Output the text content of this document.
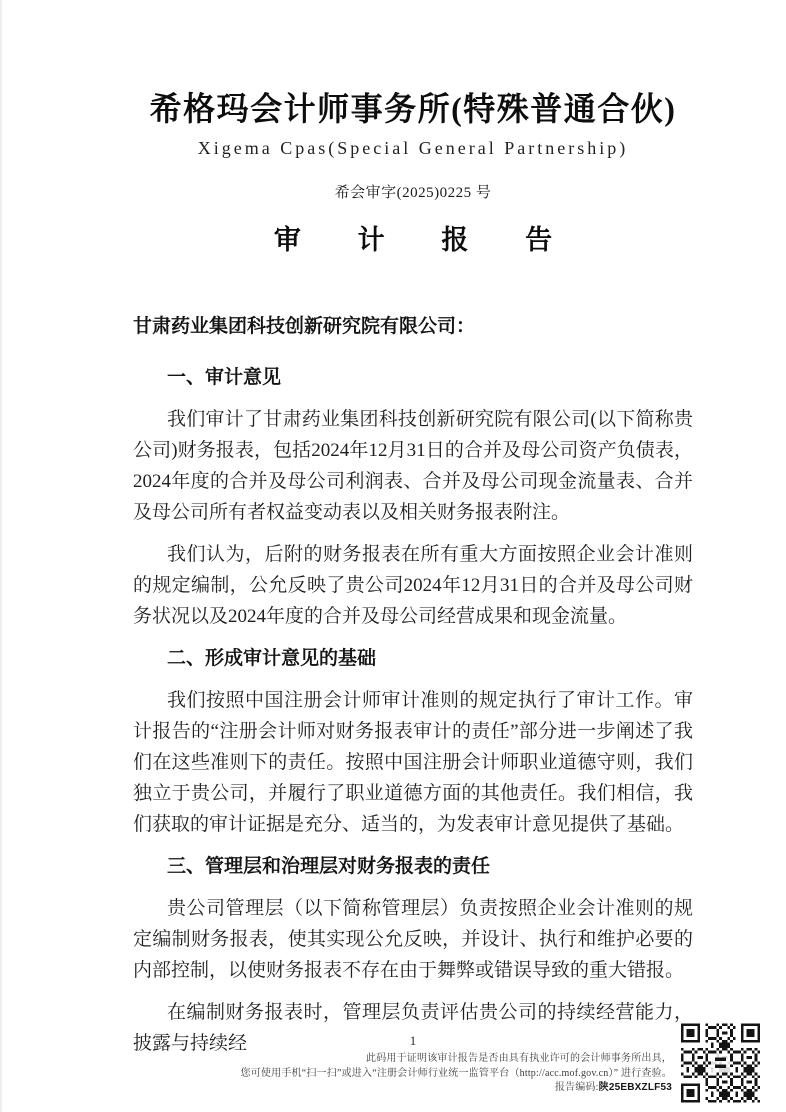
希格玛会计师事务所(特殊普通合伙)
Xigema Cpas(Special General Partnership)
希会审字(2025)0225 号
审 计 报 告
甘肃药业集团科技创新研究院有限公司：
一、审计意见

我们审计了甘肃药业集团科技创新研究院有限公司(以下简称贵公司)财务报表，包括2024年12月31日的合并及母公司资产负债表，2024年度的合并及母公司利润表、合并及母公司现金流量表、合并及母公司所有者权益变动表以及相关财务报表附注。

我们认为，后附的财务报表在所有重大方面按照企业会计准则的规定编制，公允反映了贵公司2024年12月31日的合并及母公司财务状况以及2024年度的合并及母公司经营成果和现金流量。

二、形成审计意见的基础

我们按照中国注册会计师审计准则的规定执行了审计工作。审计报告的“注册会计师对财务报表审计的责任”部分进一步阐述了我们在这些准则下的责任。按照中国注册会计师职业道德守则，我们独立于贵公司，并履行了职业道德方面的其他责任。我们相信，我们获取的审计证据是充分、适当的，为发表审计意见提供了基础。

三、管理层和治理层对财务报表的责任

贵公司管理层（以下简称管理层）负责按照企业会计准则的规定编制财务报表，使其实现公允反映，并设计、执行和维护必要的内部控制，以使财务报表不存在由于舞弊或错误导致的重大错报。

在编制财务报表时，管理层负责评估贵公司的持续经营能力，披露与持续经	1
此码用于证明该审计报告是否由具有执业许可的会计师事务所出具，
您可使用手机“扫一扫”或进入“注册会计师行业统一监管平台（http://acc.mof.gov.cn）” 进行查验。
报告编码:陕25EBXZLF53
